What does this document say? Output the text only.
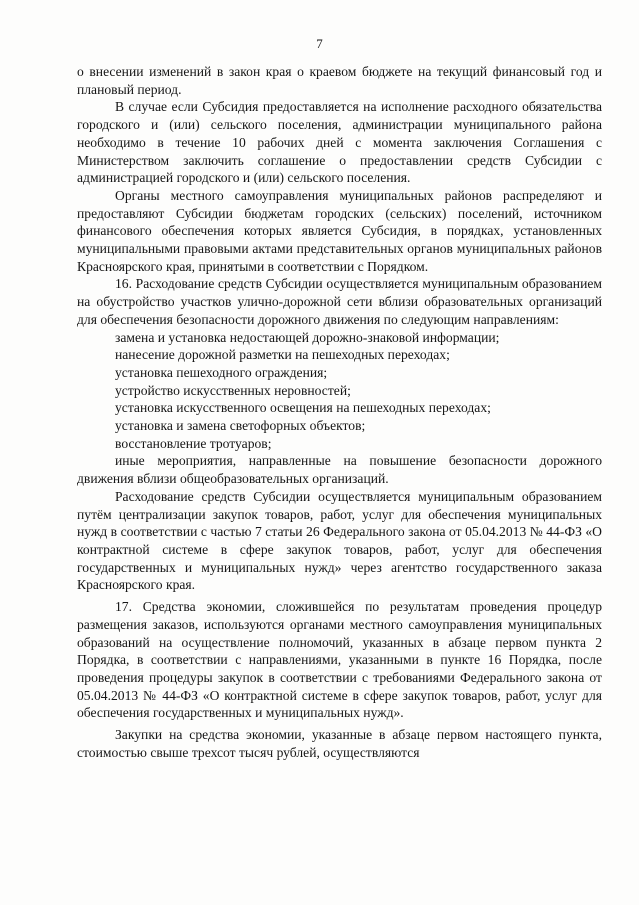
7

о внесении изменений в закон края о краевом бюджете на текущий финансовый год и плановый период.

В случае если Субсидия предоставляется на исполнение расходного обязательства городского и (или) сельского поселения, администрации муниципального района необходимо в течение 10 рабочих дней с момента заключения Соглашения с Министерством заключить соглашение о предоставлении средств Субсидии с администрацией городского и (или) сельского поселения.

Органы местного самоуправления муниципальных районов распределяют и предоставляют Субсидии бюджетам городских (сельских) поселений, источником финансового обеспечения которых является Субсидия, в порядках, установленных муниципальными правовыми актами представительных органов муниципальных районов Красноярского края, принятыми в соответствии с Порядком.

16. Расходование средств Субсидии осуществляется муниципальным образованием на обустройство участков улично-дорожной сети вблизи образовательных организаций для обеспечения безопасности дорожного движения по следующим направлениям:

замена и установка недостающей дорожно-знаковой информации;

нанесение дорожной разметки на пешеходных переходах;

установка пешеходного ограждения;

устройство искусственных неровностей;

установка искусственного освещения на пешеходных переходах;

установка и замена светофорных объектов;

восстановление тротуаров;

иные мероприятия, направленные на повышение безопасности дорожного движения вблизи общеобразовательных организаций.

Расходование средств Субсидии осуществляется муниципальным образованием путём централизации закупок товаров, работ, услуг для обеспечения муниципальных нужд в соответствии с частью 7 статьи 26 Федерального закона от 05.04.2013 № 44-ФЗ «О контрактной системе в сфере закупок товаров, работ, услуг для обеспечения государственных и муниципальных нужд» через агентство государственного заказа Красноярского края.

17. Средства экономии, сложившейся по результатам проведения процедур размещения заказов, используются органами местного самоуправления муниципальных образований на осуществление полномочий, указанных в абзаце первом пункта 2 Порядка, в соответствии с направлениями, указанными в пункте 16 Порядка, после проведения процедуры закупок в соответствии с требованиями Федерального закона от 05.04.2013 № 44-ФЗ «О контрактной системе в сфере закупок товаров, работ, услуг для обеспечения государственных и муниципальных нужд».

Закупки на средства экономии, указанные в абзаце первом настоящего пункта, стоимостью свыше трехсот тысяч рублей, осуществляются
